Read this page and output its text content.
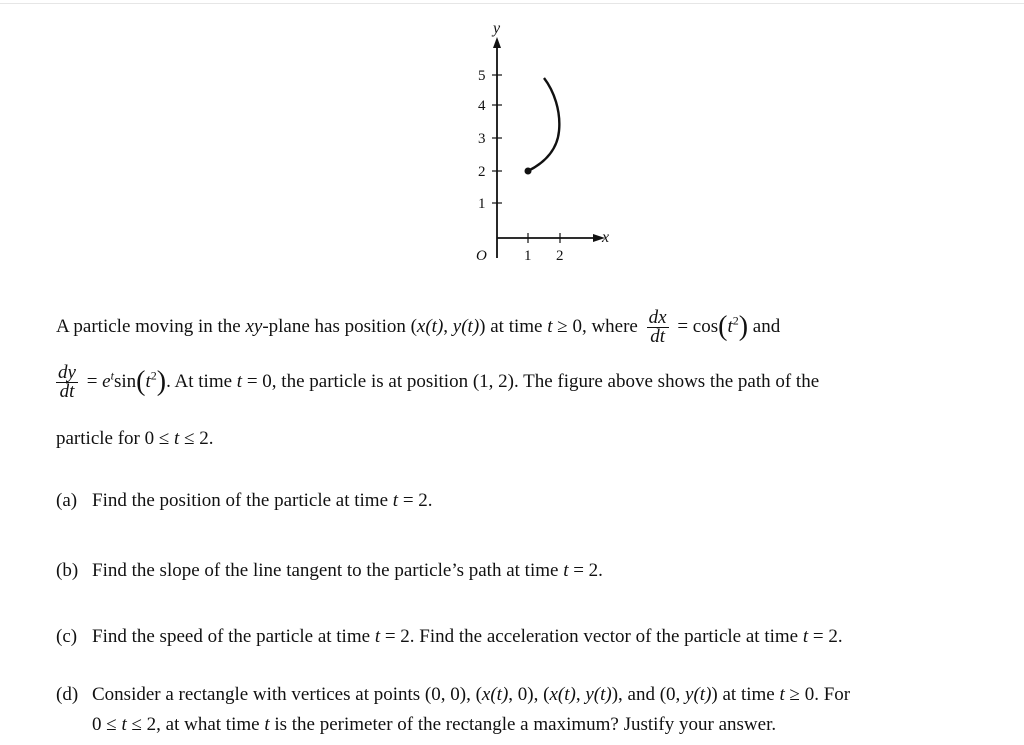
y
x
1
2
3
4
5
O 1 2
A particle moving in the xy-plane has position (x(t), y(t)) at time t ≥ 0, where $\frac{dx}{dt} = \cos(t^2)$ and
$\frac{dy}{dt} = e^t\sin(t^2)$. At time t = 0, the particle is at position (1, 2). The figure above shows the path of the
particle for 0 ≤ t ≤ 2.
(a) Find the position of the particle at time t = 2.
(b) Find the slope of the line tangent to the particle’s path at time t = 2.
(c) Find the speed of the particle at time t = 2. Find the acceleration vector of the particle at time t = 2.
(d) Consider a rectangle with vertices at points (0, 0), (x(t), 0), (x(t), y(t)), and (0, y(t)) at time t ≥ 0. For
0 ≤ t ≤ 2, at what time t is the perimeter of the rectangle a maximum? Justify your answer.
